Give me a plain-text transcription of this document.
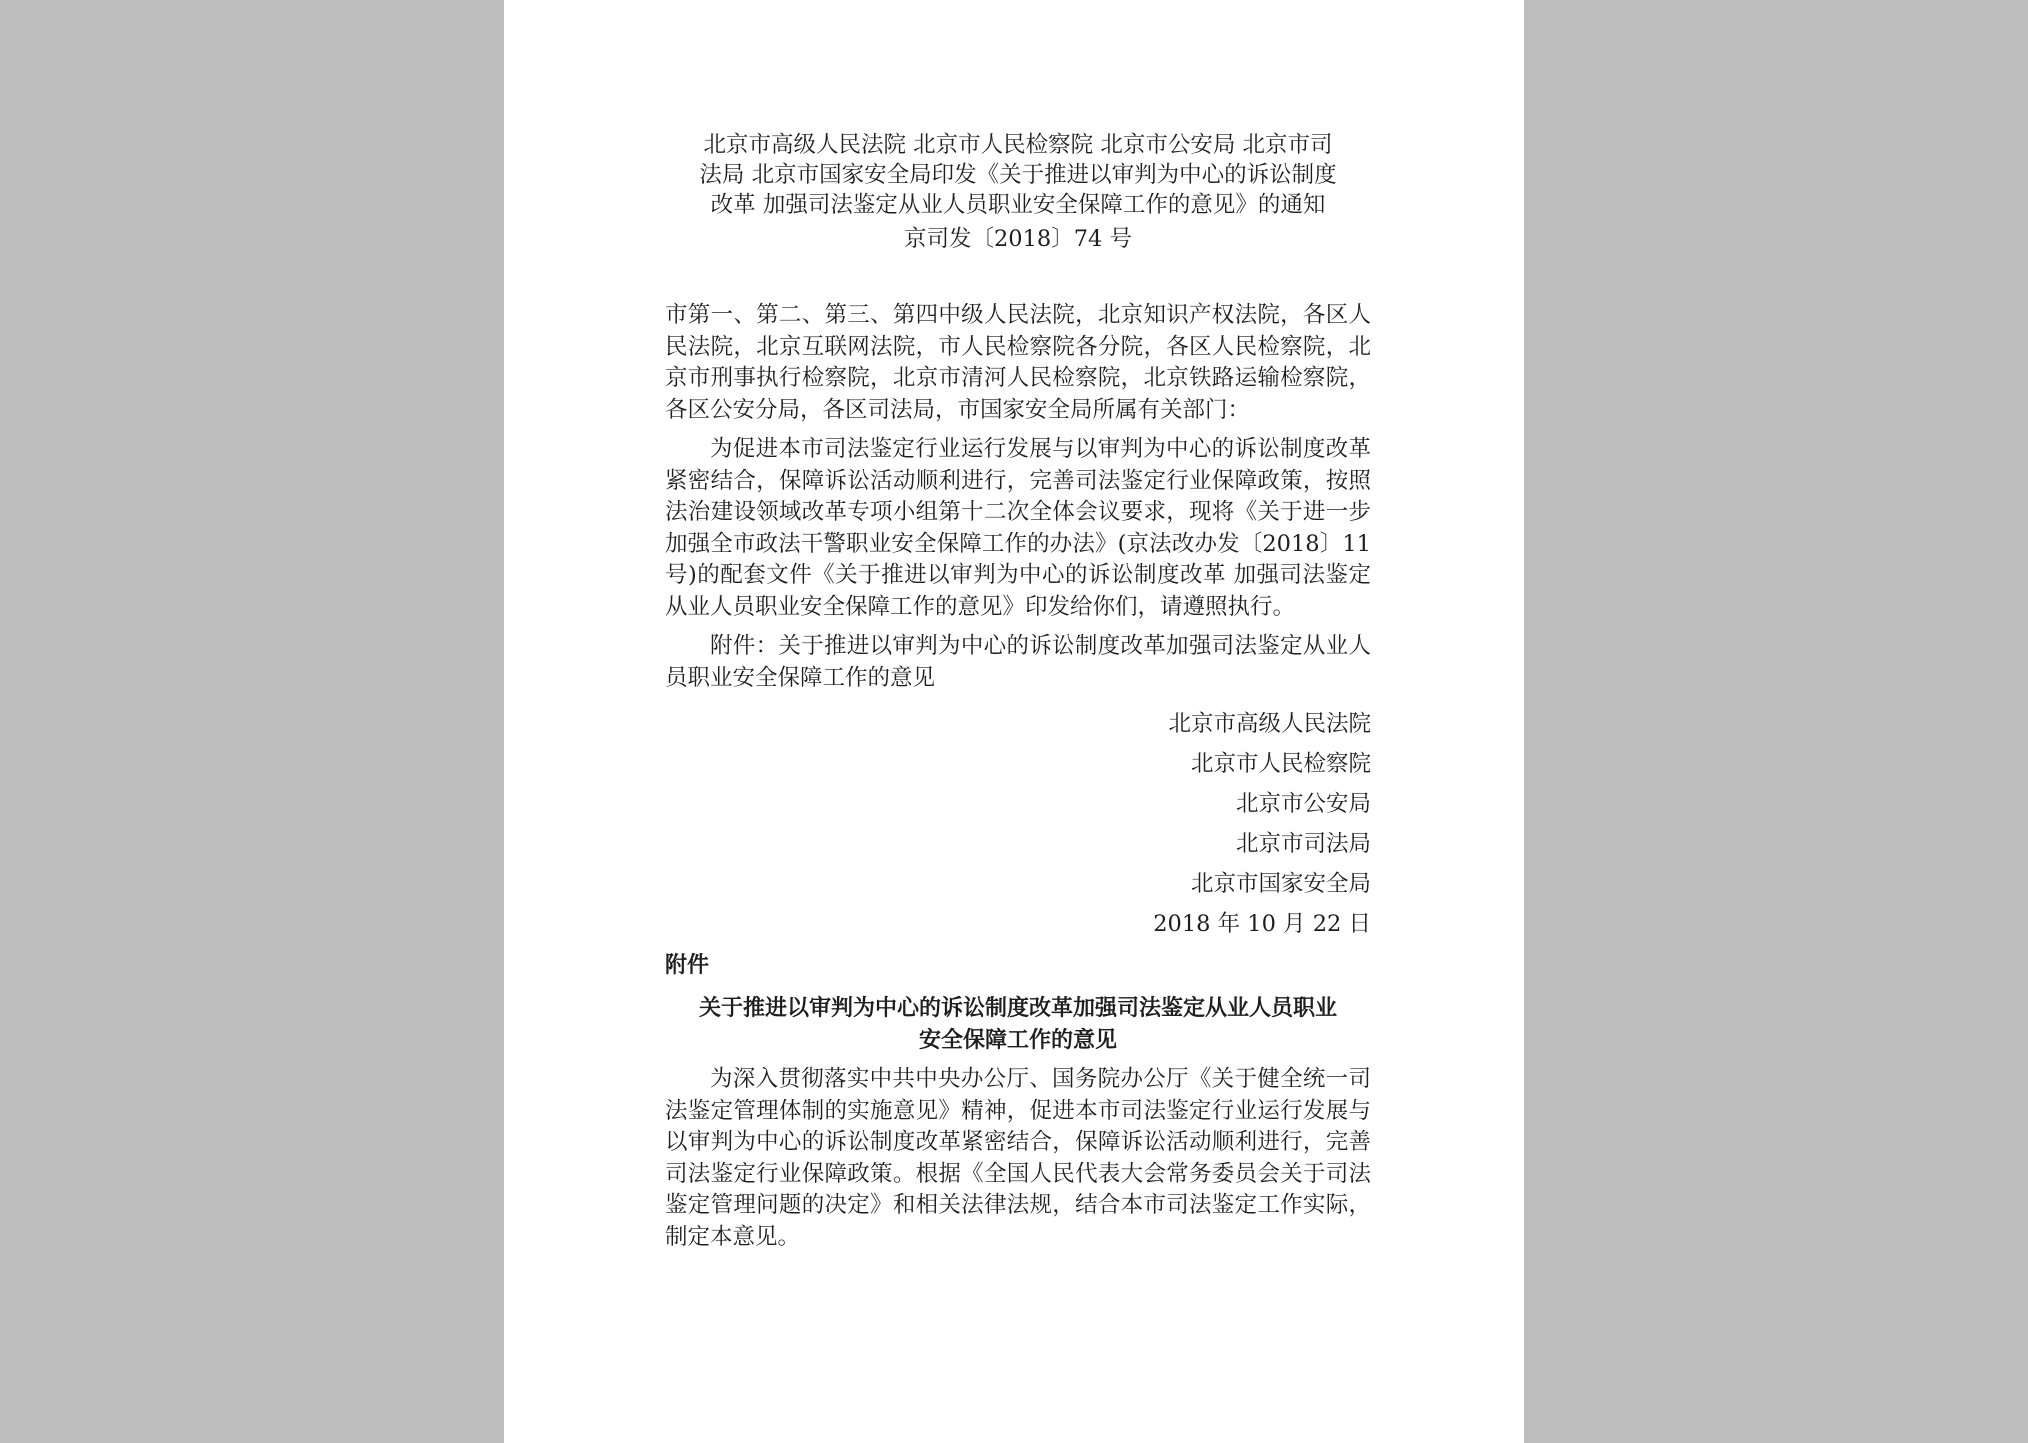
北京市高级人民法院 北京市人民检察院 北京市公安局 北京市司
法局 北京市国家安全局印发《关于推进以审判为中心的诉讼制度
改革 加强司法鉴定从业人员职业安全保障工作的意见》的通知
京司发〔2018〕74 号
市第一、第二、第三、第四中级人民法院，北京知识产权法院，各区人民法院，北京互联网法院，市人民检察院各分院，各区人民检察院，北京市刑事执行检察院，北京市清河人民检察院，北京铁路运输检察院，各区公安分局，各区司法局，市国家安全局所属有关部门：
为促进本市司法鉴定行业运行发展与以审判为中心的诉讼制度改革紧密结合，保障诉讼活动顺利进行，完善司法鉴定行业保障政策，按照法治建设领域改革专项小组第十二次全体会议要求，现将《关于进一步加强全市政法干警职业安全保障工作的办法》(京法改办发〔2018〕11 号)的配套文件《关于推进以审判为中心的诉讼制度改革 加强司法鉴定从业人员职业安全保障工作的意见》印发给你们，请遵照执行。
附件：关于推进以审判为中心的诉讼制度改革加强司法鉴定从业人员职业安全保障工作的意见
北京市高级人民法院
北京市人民检察院
北京市公安局
北京市司法局
北京市国家安全局
2018 年 10 月 22 日
附件
关于推进以审判为中心的诉讼制度改革加强司法鉴定从业人员职业
安全保障工作的意见
为深入贯彻落实中共中央办公厅、国务院办公厅《关于健全统一司法鉴定管理体制的实施意见》精神，促进本市司法鉴定行业运行发展与以审判为中心的诉讼制度改革紧密结合，保障诉讼活动顺利进行，完善司法鉴定行业保障政策。根据《全国人民代表大会常务委员会关于司法鉴定管理问题的决定》和相关法律法规，结合本市司法鉴定工作实际，制定本意见。
